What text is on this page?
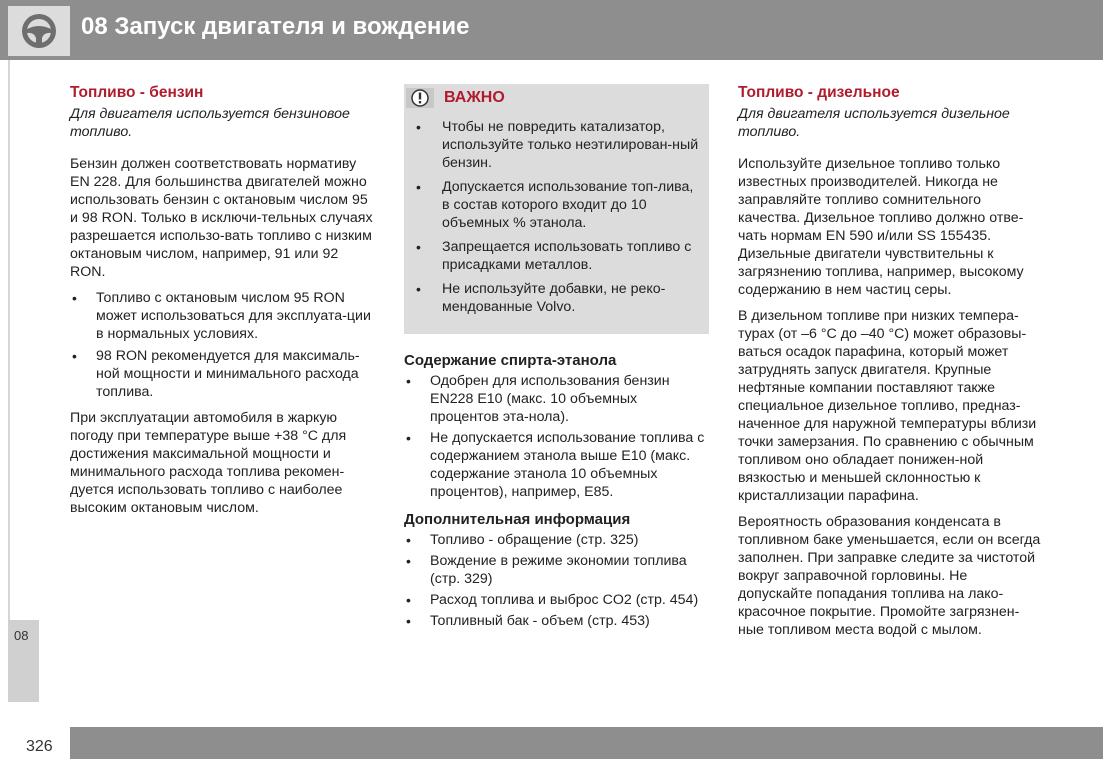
08 Запуск двигателя и вождение
08
Топливо - бензин

Для двигателя используется бензиновое топливо.

Бензин должен соответствовать нормативу EN 228. Для большинства двигателей можно использовать бензин с октановым числом 95 и 98 RON. Только в исключи-тельных случаях разрешается использо-вать топливо с низким октановым числом, например, 91 или 92 RON.

• Топливо с октановым числом 95 RON может использоваться для эксплуата-ции в нормальных условиях.
• 98 RON рекомендуется для максималь-ной мощности и минимального расхода топлива.

При эксплуатации автомобиля в жаркую погоду при температуре выше +38 °С для достижения максимальной мощности и минимального расхода топлива рекомен-дуется использовать топливо с наиболее высоким октановым числом.

ВАЖНО
• Чтобы не повредить катализатор, используйте только неэтилирован-ный бензин.
• Допускается использование топ-лива, в состав которого входит до 10 объемных % этанола.
• Запрещается использовать топливо с присадками металлов.
• Не используйте добавки, не реко-мендованные Volvo.
Содержание спирта-этанола
• Одобрен для использования бензин EN228 E10 (макс. 10 объемных процентов эта-нола).
• Не допускается использование топлива с содержанием этанола выше E10 (макс. содержание этанола 10 объемных процентов), например, E85.
Дополнительная информация
• Топливо - обращение (стр. 325)
• Вождение в режиме экономии топлива (стр. 329)
• Расход топлива и выброс CO2 (стр. 454)
• Топливный бак - объем (стр. 453)
Топливо - дизельное

Для двигателя используется дизельное топливо.

Используйте дизельное топливо только известных производителей. Никогда не заправляйте топливо сомнительного качества. Дизельное топливо должно отве-чать нормам EN 590 и/или SS 155435. Дизельные двигатели чувствительны к загрязнению топлива, например, высокому содержанию в нем частиц серы.

В дизельном топливе при низких темпера-турах (от –6 °С до –40 °С) может образовы-ваться осадок парафина, который может затруднять запуск двигателя. Крупные нефтяные компании поставляют также специальное дизельное топливо, предназ-наченное для наружной температуры вблизи точки замерзания. По сравнению с обычным топливом оно обладает понижен-ной вязкостью и меньшей склонностью к кристаллизации парафина.

Вероятность образования конденсата в топливном баке уменьшается, если он всегда заполнен. При заправке следите за чистотой вокруг заправочной горловины. Не допускайте попадания топлива на лако-красочное покрытие. Промойте загрязнен-ные топливом места водой с мылом.

326
